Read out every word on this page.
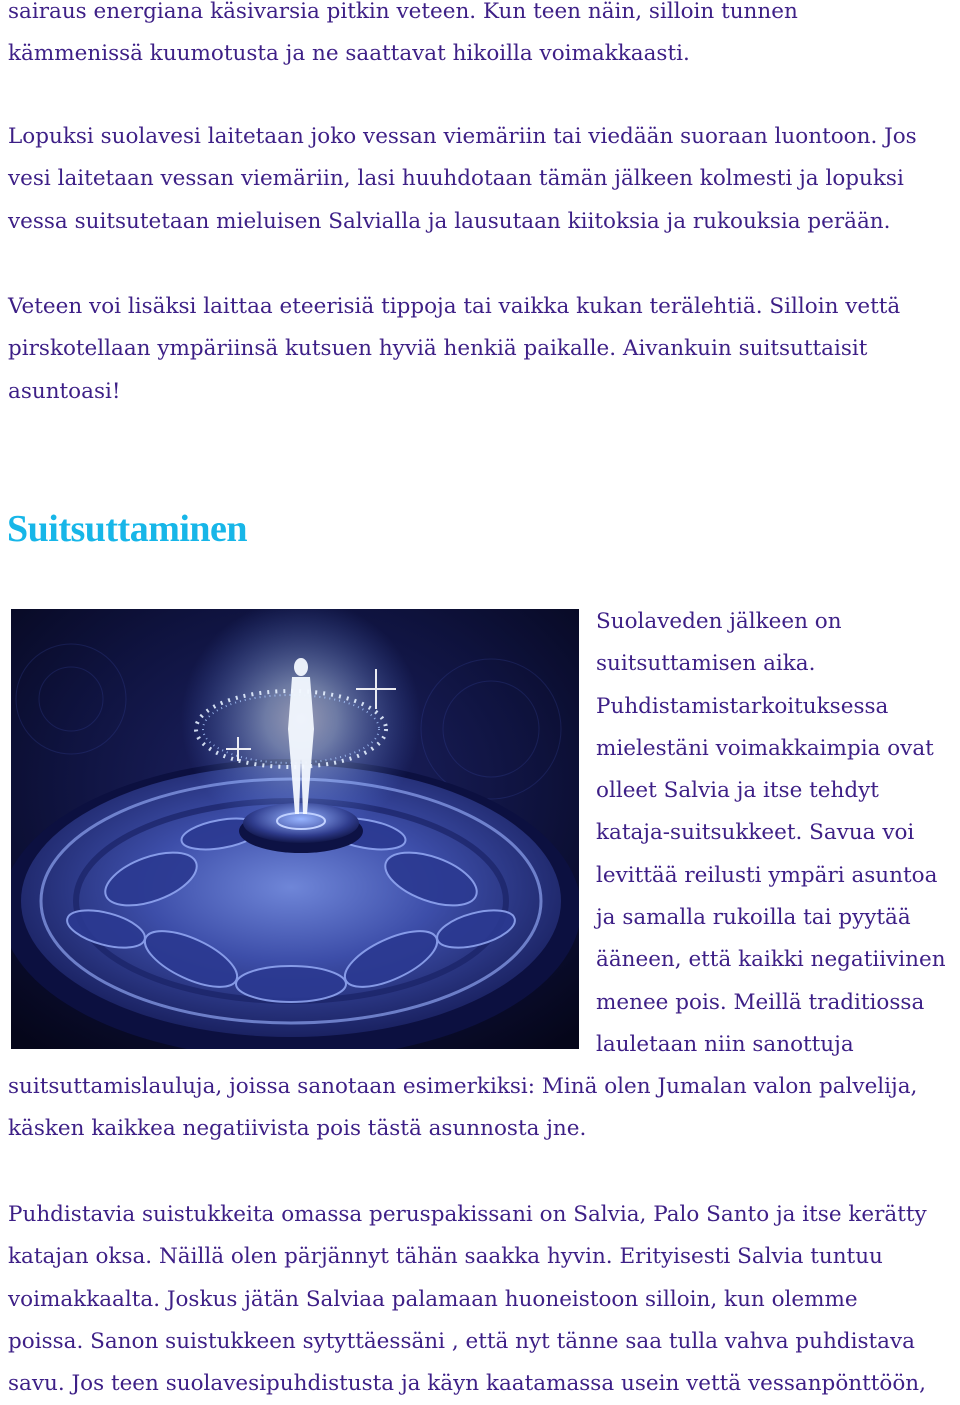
sairaus energiana käsivarsia pitkin veteen. Kun teen näin, silloin tunnen
kämmenissä kuumotusta ja ne saattavat hikoilla voimakkaasti.

Lopuksi suolavesi laitetaan joko vessan viemäriin tai viedään suoraan luontoon. Jos
vesi laitetaan vessan viemäriin, lasi huuhdotaan tämän jälkeen kolmesti ja lopuksi
vessa suitsutetaan mieluisen Salvialla ja lausutaan kiitoksia ja rukouksia perään.

Veteen voi lisäksi laittaa eteerisiä tippoja tai vaikka kukan terälehtiä. Silloin vettä
pirskotellaan ympäriinsä kutsuen hyviä henkiä paikalle. Aivankuin suitsuttaisit
asuntoasi!

Suitsuttaminen

Suolaveden jälkeen on
suitsuttamisen aika.
Puhdistamistarkoituksessa
mielestäni voimakkaimpia ovat
olleet Salvia ja itse tehdyt
kataja-suitsukkeet. Savua voi
levittää reilusti ympäri asuntoa
ja samalla rukoilla tai pyytää
ääneen, että kaikki negatiivinen
menee pois. Meillä traditiossa
lauletaan niin sanottuja

suitsuttamislauluja, joissa sanotaan esimerkiksi: Minä olen Jumalan valon palvelija,
käsken kaikkea negatiivista pois tästä asunnosta jne.

Puhdistavia suistukkeita omassa peruspakissani on Salvia, Palo Santo ja itse kerätty
katajan oksa. Näillä olen pärjännyt tähän saakka hyvin. Erityisesti Salvia tuntuu
voimakkaalta. Joskus jätän Salviaa palamaan huoneistoon silloin, kun olemme
poissa. Sanon suistukkeen sytyttäessäni , että nyt tänne saa tulla vahva puhdistava
savu. Jos teen suolavesipuhdistusta ja käyn kaatamassa usein vettä vessanpönttöön,
